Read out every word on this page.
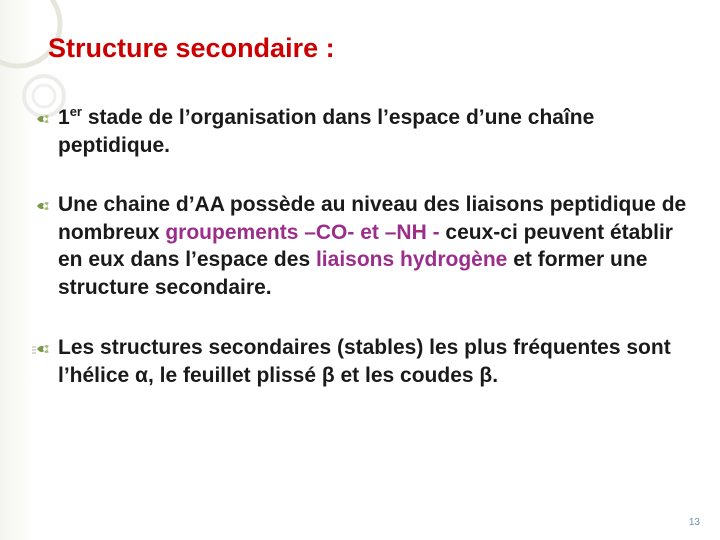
Structure secondaire :
1er stade de l’organisation dans l’espace d’une chaîne peptidique.
Une chaine d’AA possède au niveau des liaisons peptidique de nombreux groupements –CO- et –NH - ceux-ci peuvent établir en eux dans l’espace des liaisons hydrogène et former une structure secondaire.
Les structures secondaires (stables) les plus fréquentes sont l’hélice α, le feuillet plissé β et les coudes β.
13
